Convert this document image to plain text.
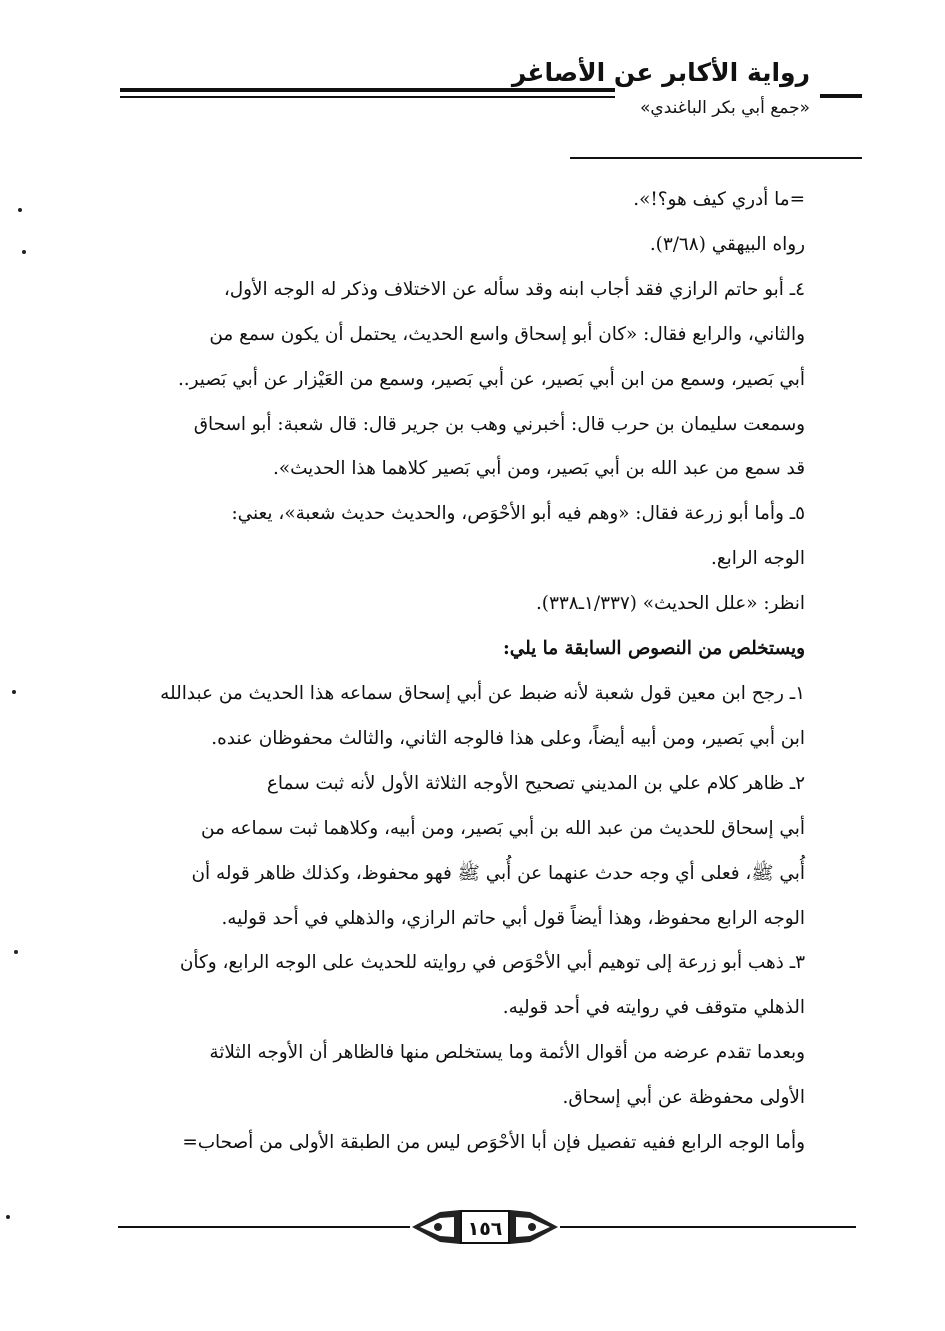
رواية الأكابر عن الأصاغر
«جمع أبي بكر الباغندي»

=ما أدري كيف هو؟!».

رواه البيهقي (٣/٦٨).

٤ـ أبو حاتم الرازي فقد أجاب ابنه وقد سأله عن الاختلاف وذكر له الوجه الأول،

والثاني، والرابع فقال: «كان أبو إسحاق واسع الحديث، يحتمل أن يكون سمع من

أبي بَصير، وسمع من ابن أبي بَصير، عن أبي بَصير، وسمع من العَيْزار عن أبي بَصير..

وسمعت سليمان بن حرب قال: أخبرني وهب بن جرير قال: قال شعبة: أبو اسحاق

قد سمع من عبد الله بن أبي بَصير، ومن أبي بَصير كلاهما هذا الحديث».

٥ـ وأما أبو زرعة فقال: «وهم فيه أبو الأحْوَص، والحديث حديث شعبة»، يعني:

الوجه الرابع.

انظر: «علل الحديث» (١/٣٣٧ـ٣٣٨).

ويستخلص من النصوص السابقة ما يلي:

١ـ رجح ابن معين قول شعبة لأنه ضبط عن أبي إسحاق سماعه هذا الحديث من عبدالله

ابن أبي بَصير، ومن أبيه أيضاً، وعلى هذا فالوجه الثاني، والثالث محفوظان عنده.

٢ـ ظاهر كلام علي بن المديني تصحيح الأوجه الثلاثة الأول لأنه ثبت سماع

أبي إسحاق للحديث من عبد الله بن أبي بَصير، ومن أبيه، وكلاهما ثبت سماعه من

أُبي ﷺ، فعلى أي وجه حدث عنهما عن أُبي ﷺ فهو محفوظ، وكذلك ظاهر قوله أن

الوجه الرابع محفوظ، وهذا أيضاً قول أبي حاتم الرازي، والذهلي في أحد قوليه.

٣ـ ذهب أبو زرعة إلى توهيم أبي الأحْوَص في روايته للحديث على الوجه الرابع، وكأن

الذهلي متوقف في روايته في أحد قوليه.

وبعدما تقدم عرضه من أقوال الأئمة وما يستخلص منها فالظاهر أن الأوجه الثلاثة

الأولى محفوظة عن أبي إسحاق.

وأما الوجه الرابع ففيه تفصيل فإن أبا الأحْوَص ليس من الطبقة الأولى من أصحاب=

١٥٦
